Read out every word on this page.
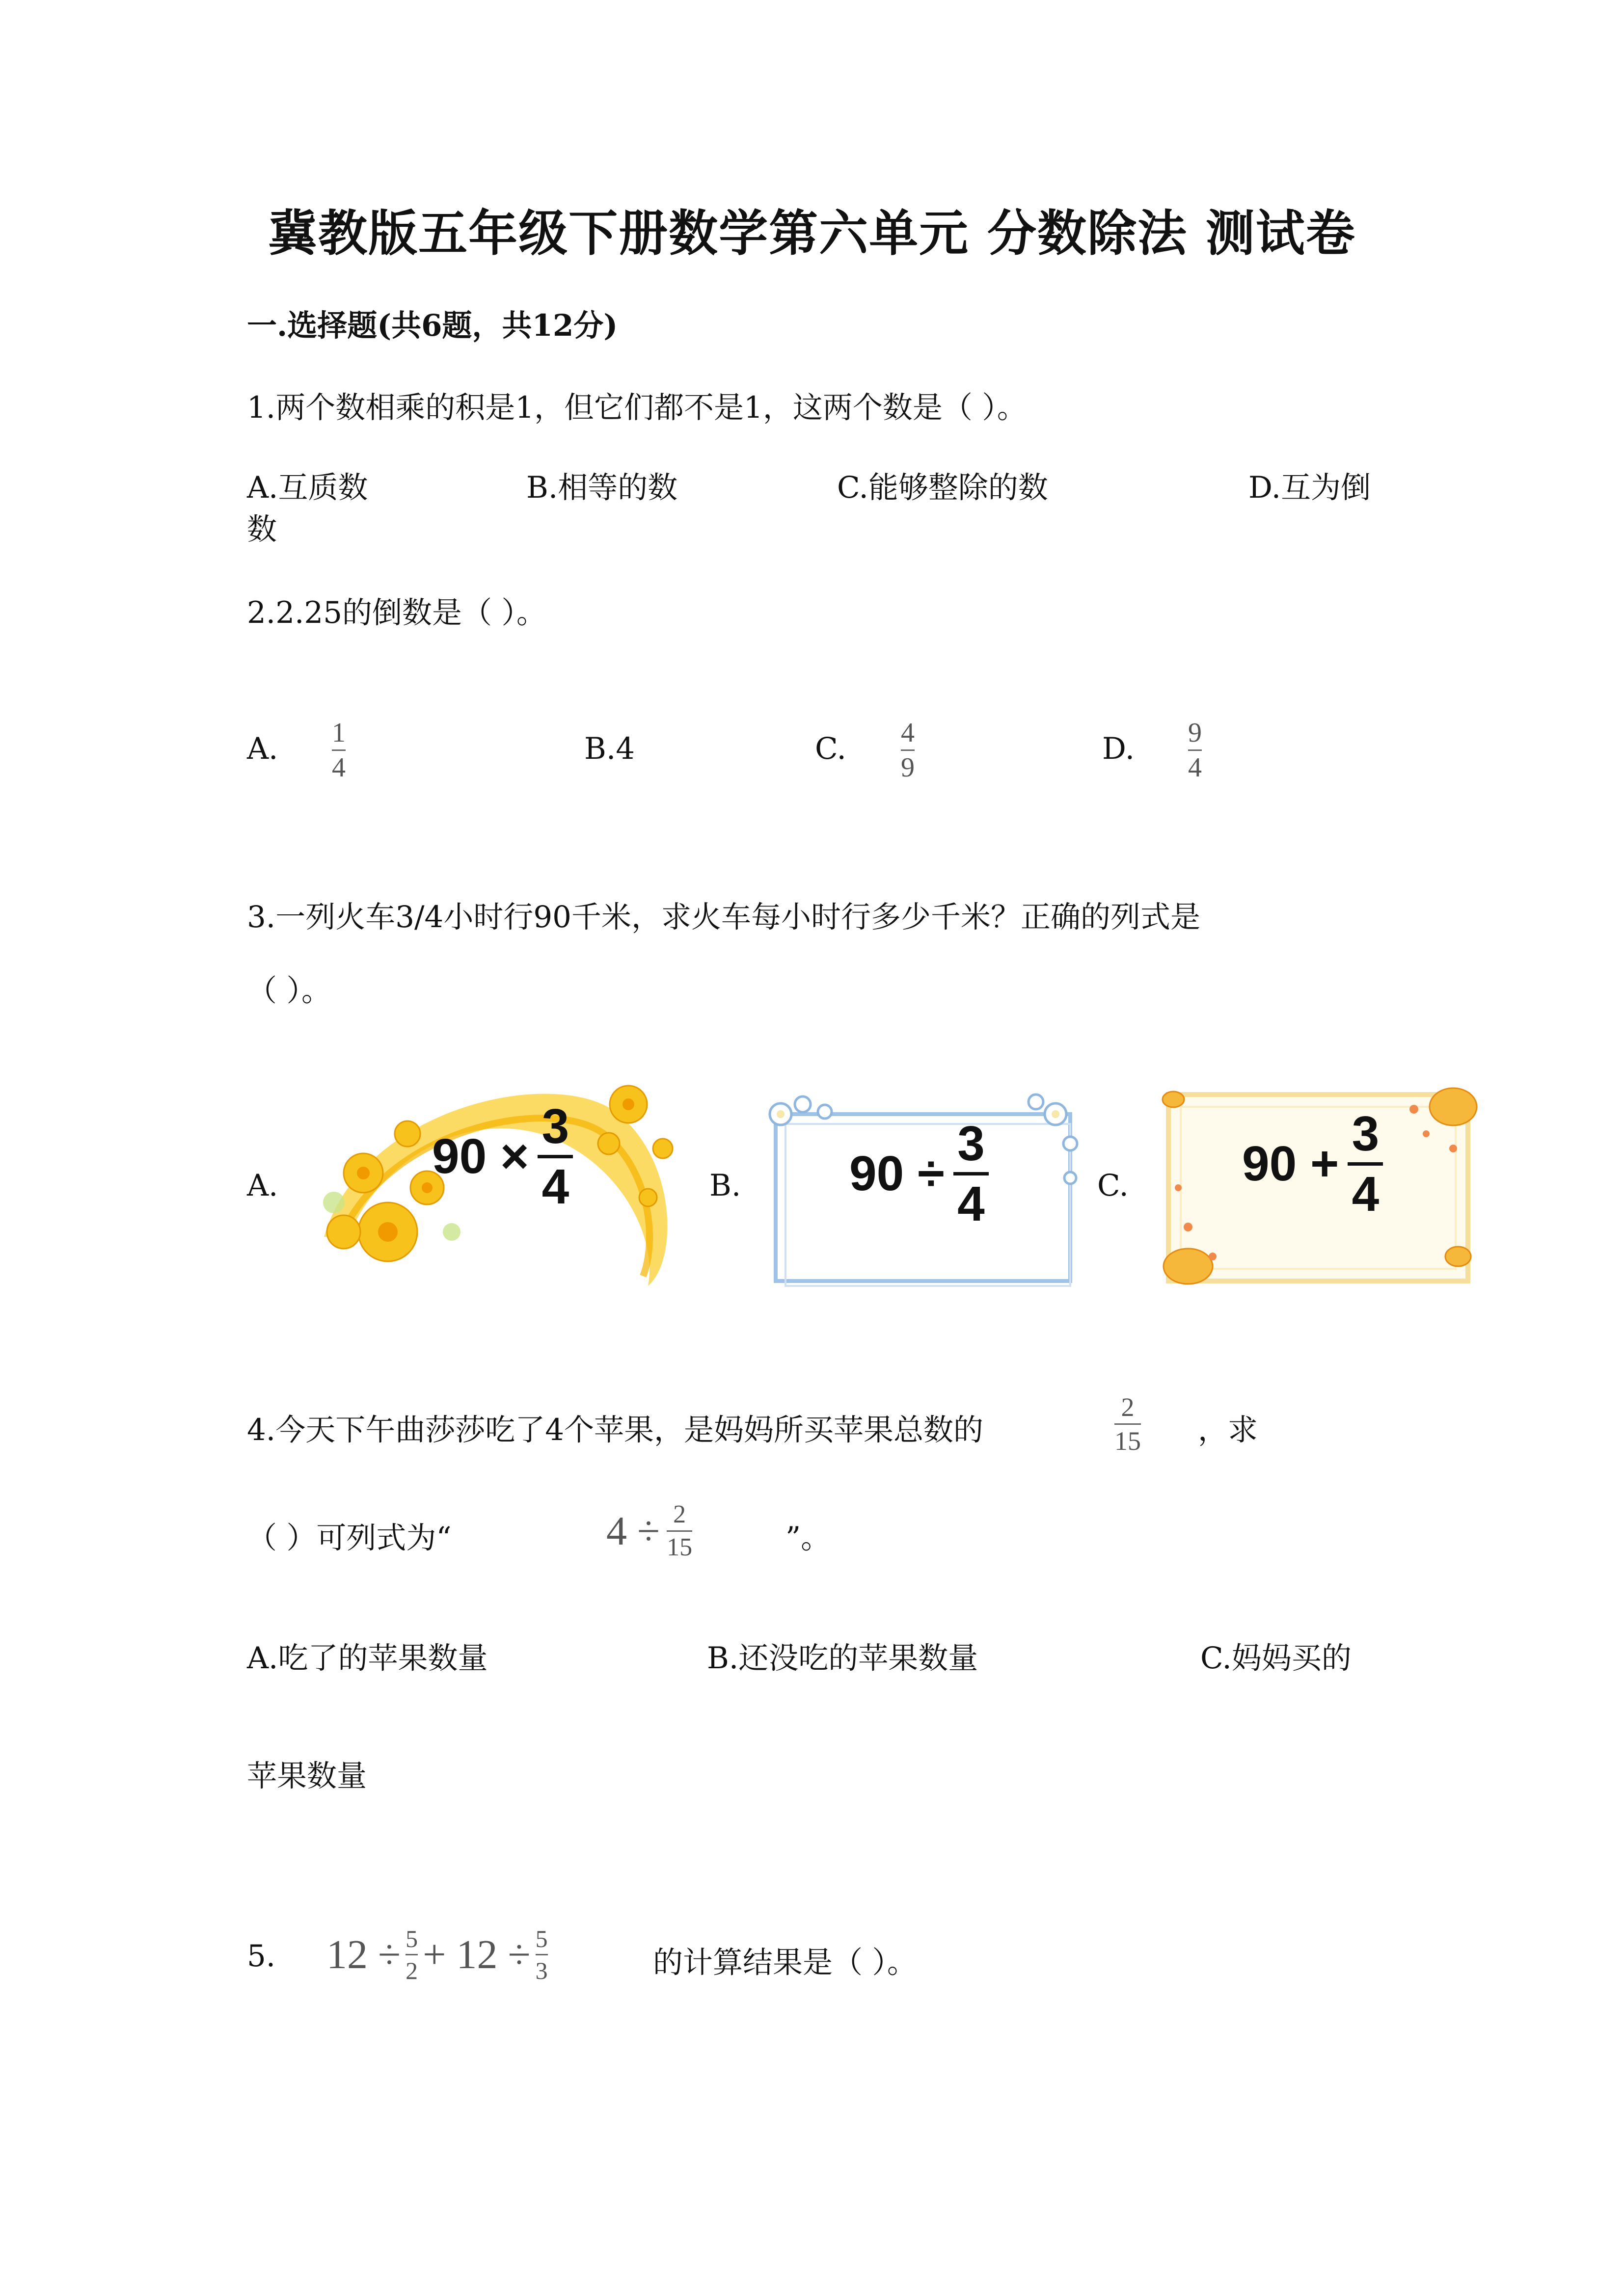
冀教版五年级下册数学第六单元 分数除法 测试卷
一.选择题(共6题，共12分)
1.两个数相乘的积是1，但它们都不是1，这两个数是（ ）。
A.互质数	B.相等的数	C.能够整除的数	D.互为倒
数
2.2.25的倒数是（ ）。
A. 1
4
B.4	C. 4
9
D. 9
4
3.一列火车3/4小时行90千米，求火车每小时行多少千米？正确的列式是
（ ）。
A.	B.	C.
90 ×
3
4	90 ÷
3
4
90 +
3
4
4.今天下午曲莎莎吃了4个苹果，是妈妈所买苹果总数的
2
15 ，求
（ ）可列式为“	$4 \div \frac{2}{15}$	”。
A.吃了的苹果数量	B.还没吃的苹果数量	C.妈妈买的
苹果数量
5. $12 \div \frac{5}{2} + 12 \div \frac{5}{3}$	的计算结果是（ ）。
